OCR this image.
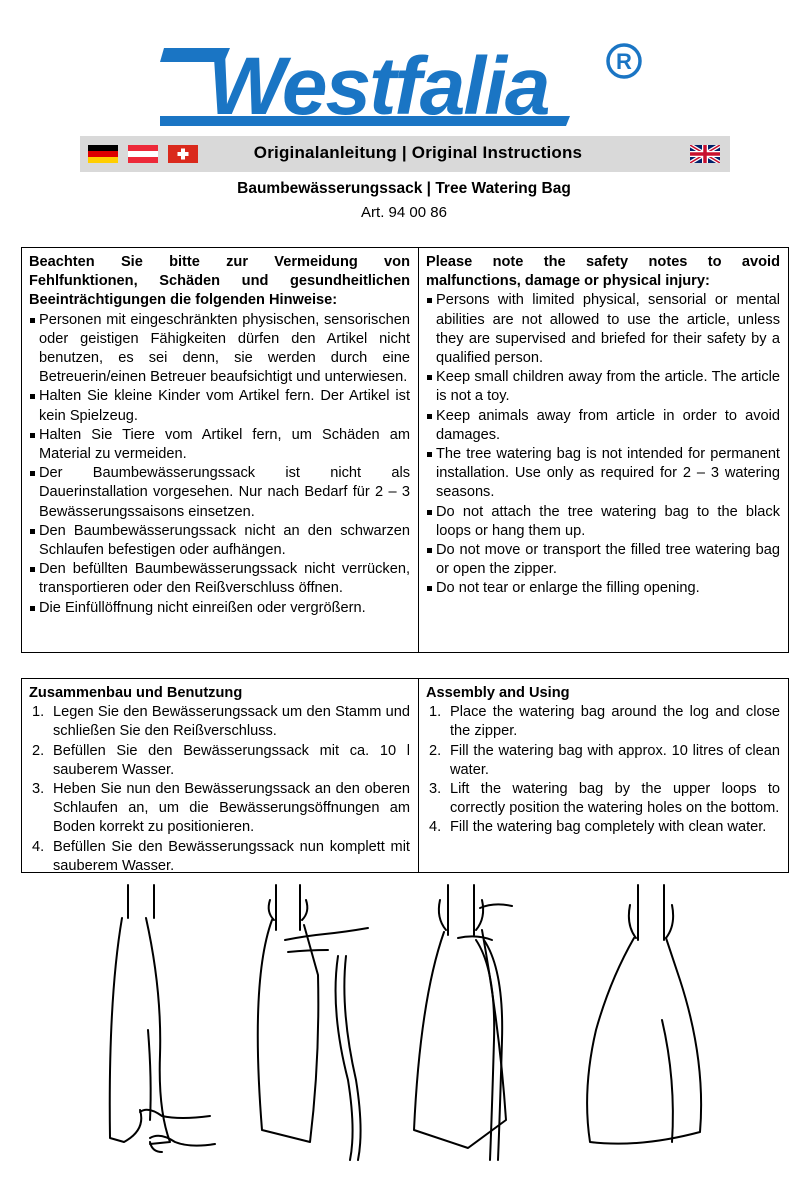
Westfalia	R
Originalanleitung | Original Instructions
Baumbewässerungssack | Tree Watering Bag
Art. 94 00 86
Beachten Sie bitte zur Vermeidung von Fehlfunktionen, Schäden und gesundheitlichen Beeinträchtigungen die folgenden Hinweise:
Personen mit eingeschränkten physischen, sensorischen oder geistigen Fähigkeiten dürfen den Artikel nicht benutzen, es sei denn, sie werden durch eine Betreuerin/einen Betreuer beaufsichtigt und unterwiesen.
Halten Sie kleine Kinder vom Artikel fern. Der Artikel ist kein Spielzeug.
Halten Sie Tiere vom Artikel fern, um Schäden am Material zu vermeiden.
Der Baumbewässerungssack ist nicht als Dauerinstallation vorgesehen. Nur nach Bedarf für 2 – 3 Bewässerungssaisons einsetzen.
Den Baumbewässerungssack nicht an den schwarzen Schlaufen befestigen oder aufhängen.
Den befüllten Baumbewässerungssack nicht verrücken, transportieren oder den Reißverschluss öffnen.
Die Einfüllöffnung nicht einreißen oder vergrößern.
Please note the safety notes to avoid malfunctions, damage or physical injury:
Persons with limited physical, sensorial or mental abilities are not allowed to use the article, unless they are supervised and briefed for their safety by a qualified person.
Keep small children away from the article. The article is not a toy.
Keep animals away from article in order to avoid damages.
The tree watering bag is not intended for permanent installation. Use only as required for 2 – 3 watering seasons.
Do not attach the tree watering bag to the black loops or hang them up.
Do not move or transport the filled tree watering bag or open the zipper.
Do not tear or enlarge the filling opening.
Zusammenbau und Benutzung
1. Legen Sie den Bewässerungssack um den Stamm und schließen Sie den Reißverschluss.
2. Befüllen Sie den Bewässerungssack mit ca. 10 l sauberem Wasser.
3. Heben Sie nun den Bewässerungssack an den oberen Schlaufen an, um die Bewässerungsöffnungen am Boden korrekt zu positionieren.
4. Befüllen Sie den Bewässerungssack nun komplett mit sauberem Wasser.
Assembly and Using
1. Place the watering bag around the log and close the zipper.
2. Fill the watering bag with approx. 10 litres of clean water.
3. Lift the watering bag by the upper loops to correctly position the watering holes on the bottom.
4. Fill the watering bag completely with clean water.
